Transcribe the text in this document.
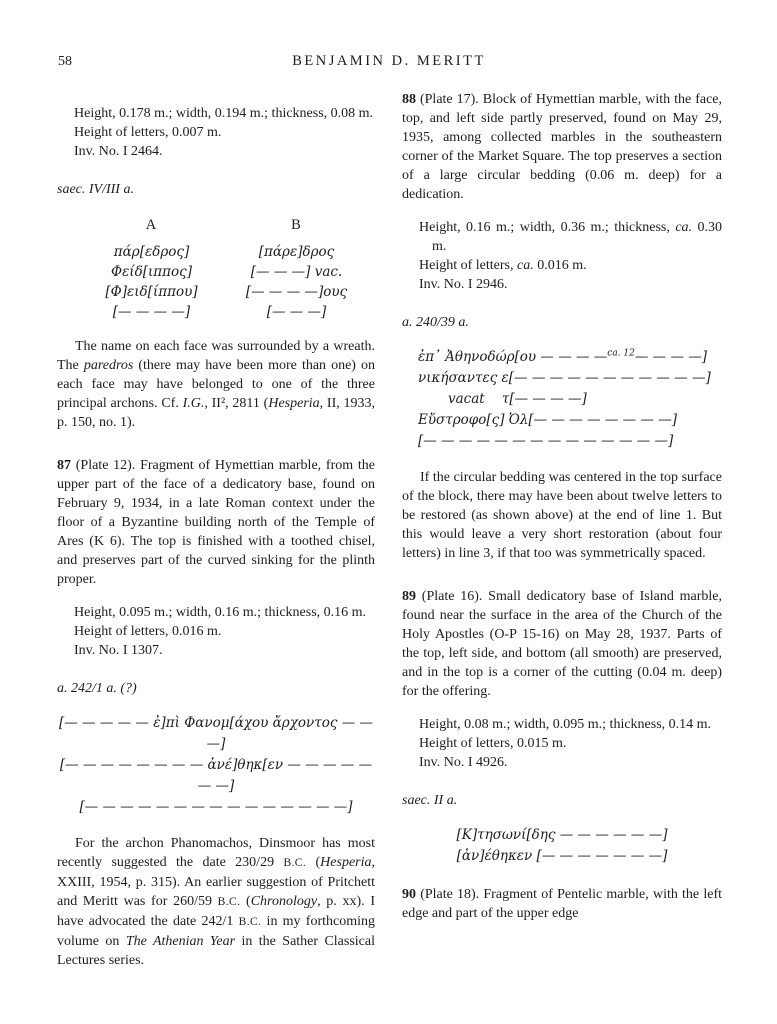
58	BENJAMIN D. MERITT

Height, 0.178 m.; width, 0.194 m.; thickness, 0.08 m.

Height of letters, 0.007 m.

Inv. No. I 2464.

saec. IV/III a.

A
πάρ[εδρος]
Φείδ[ιππος]
[Φ]ειδ[ίππου]
[— — — —]
B
[πάρε]δρος
[— — —] vac.
[— — — —]ους
[— — —]

The name on each face was surrounded by a wreath. The paredros (there may have been more than one) on each face may have belonged to one of the three principal archons. Cf. I.G., II², 2811 (Hesperia, II, 1933, p. 150, no. 1).

87 (Plate 12). Fragment of Hymettian marble, from the upper part of the face of a dedicatory base, found on February 9, 1934, in a late Roman context under the floor of a Byzantine building north of the Temple of Ares (K 6). The top is finished with a toothed chisel, and preserves part of the curved sinking for the plinth proper.

Height, 0.095 m.; width, 0.16 m.; thickness, 0.16 m.

Height of letters, 0.016 m.

Inv. No. I 1307.

a. 242/1 a. (?)

[— — — — — ἐ]πὶ Φανομ[άχου ἄρχοντος — — —]
[— — — — — — — — ἀνέ]θηκ[εν — — — — — — —]
[— — — — — — — — — — — — — — —]

For the archon Phanomachos, Dinsmoor has most recently suggested the date 230/29 B.C. (Hesperia, XXIII, 1954, p. 315). An earlier suggestion of Pritchett and Meritt was for 260/59 B.C. (Chronology, p. xx). I have advocated the date 242/1 B.C. in my forthcoming volume on The Athenian Year in the Sather Classical Lectures series.

88 (Plate 17). Block of Hymettian marble, with the face, top, and left side partly preserved, found on May 29, 1935, among collected marbles in the southeastern corner of the Market Square. The top preserves a section of a large circular bedding (0.06 m. deep) for a dedication.

Height, 0.16 m.; width, 0.36 m.; thickness, ca. 0.30 m.

Height of letters, ca. 0.016 m.

Inv. No. I 2946.

a. 240/39 a.

ἐπ᾽ Ἀθηνοδώρ[ου — — — —$^{ca. 12}$— — — —]
νικήσαντες ε[— — — — — — — — — — —]
vacat    τ[— — — —]
Εὔστροφο[ς] Ὀλ[— — — — — — — —]
[— — — — — — — — — — — — — —]

If the circular bedding was centered in the top surface of the block, there may have been about twelve letters to be restored (as shown above) at the end of line 1. But this would leave a very short restoration (about four letters) in line 3, if that too was symmetrically spaced.

89 (Plate 16). Small dedicatory base of Island marble, found near the surface in the area of the Church of the Holy Apostles (O-P 15-16) on May 28, 1937. Parts of the top, left side, and bottom (all smooth) are preserved, and in the top is a corner of the cutting (0.04 m. deep) for the offering.

Height, 0.08 m.; width, 0.095 m.; thickness, 0.14 m.

Height of letters, 0.015 m.

Inv. No. I 4926.

saec. II a.

[Κ]τησωνί[δης — — — — — —]
[ἀν]έθηκεν [— — — — — — —]

90 (Plate 18). Fragment of Pentelic marble, with the left edge and part of the upper edge
